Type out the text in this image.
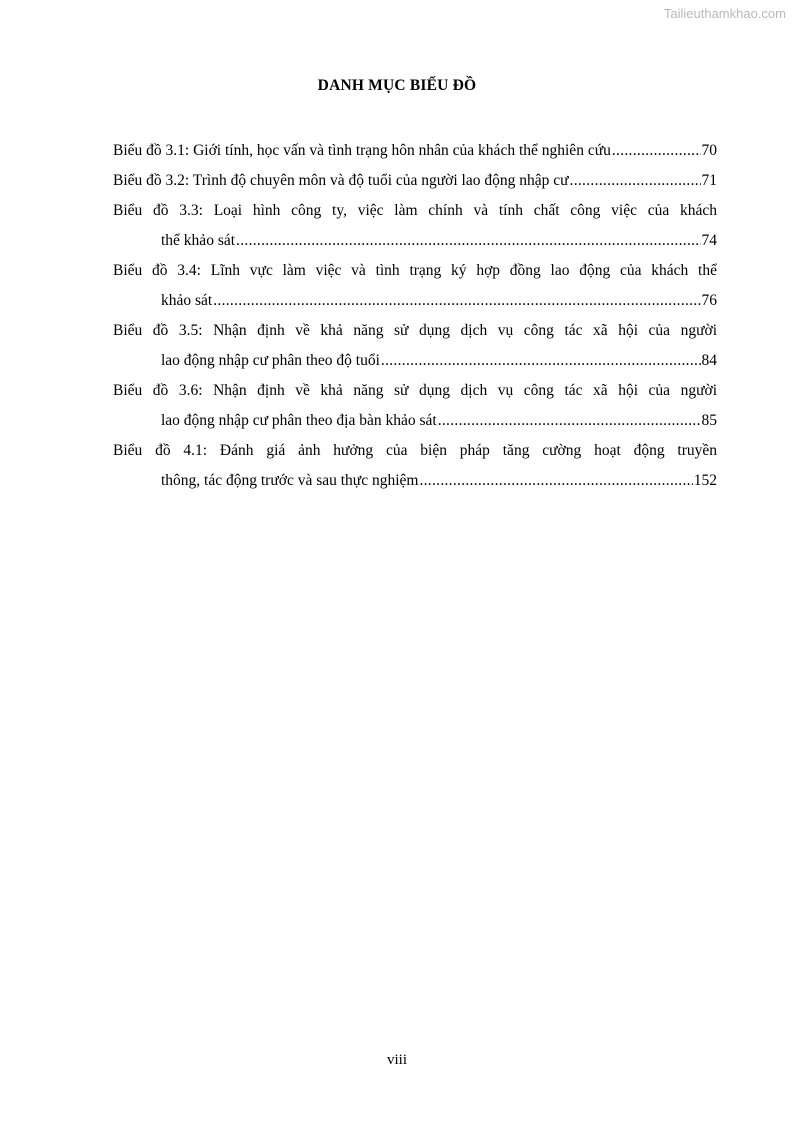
Tailieuthamkhao.com
DANH MỤC BIỂU ĐỒ
Biểu đồ 3.1: Giới tính, học vấn và tình trạng hôn nhân của khách thể nghiên cứu .....	70
Biểu đồ 3.2: Trình độ chuyên môn và độ tuổi của người lao động nhập cư .....	71
Biểu đồ 3.3: Loại hình công ty, việc làm chính và tính chất công việc của khách
thể khảo sát .....	74
Biểu đồ 3.4: Lĩnh vực làm việc và tình trạng ký hợp đồng lao động của khách thể
khảo sát .....	76
Biểu đồ 3.5: Nhận định về khả năng sử dụng dịch vụ công tác xã hội của người
lao động nhập cư phân theo độ tuổi .....	84
Biểu đồ 3.6: Nhận định về khả năng sử dụng dịch vụ công tác xã hội của người
lao động nhập cư phân theo địa bàn khảo sát .....	85
Biểu đồ 4.1: Đánh giá ảnh hưởng của biện pháp tăng cường hoạt động truyền
thông, tác động trước và sau thực nghiệm .....	152
viii
